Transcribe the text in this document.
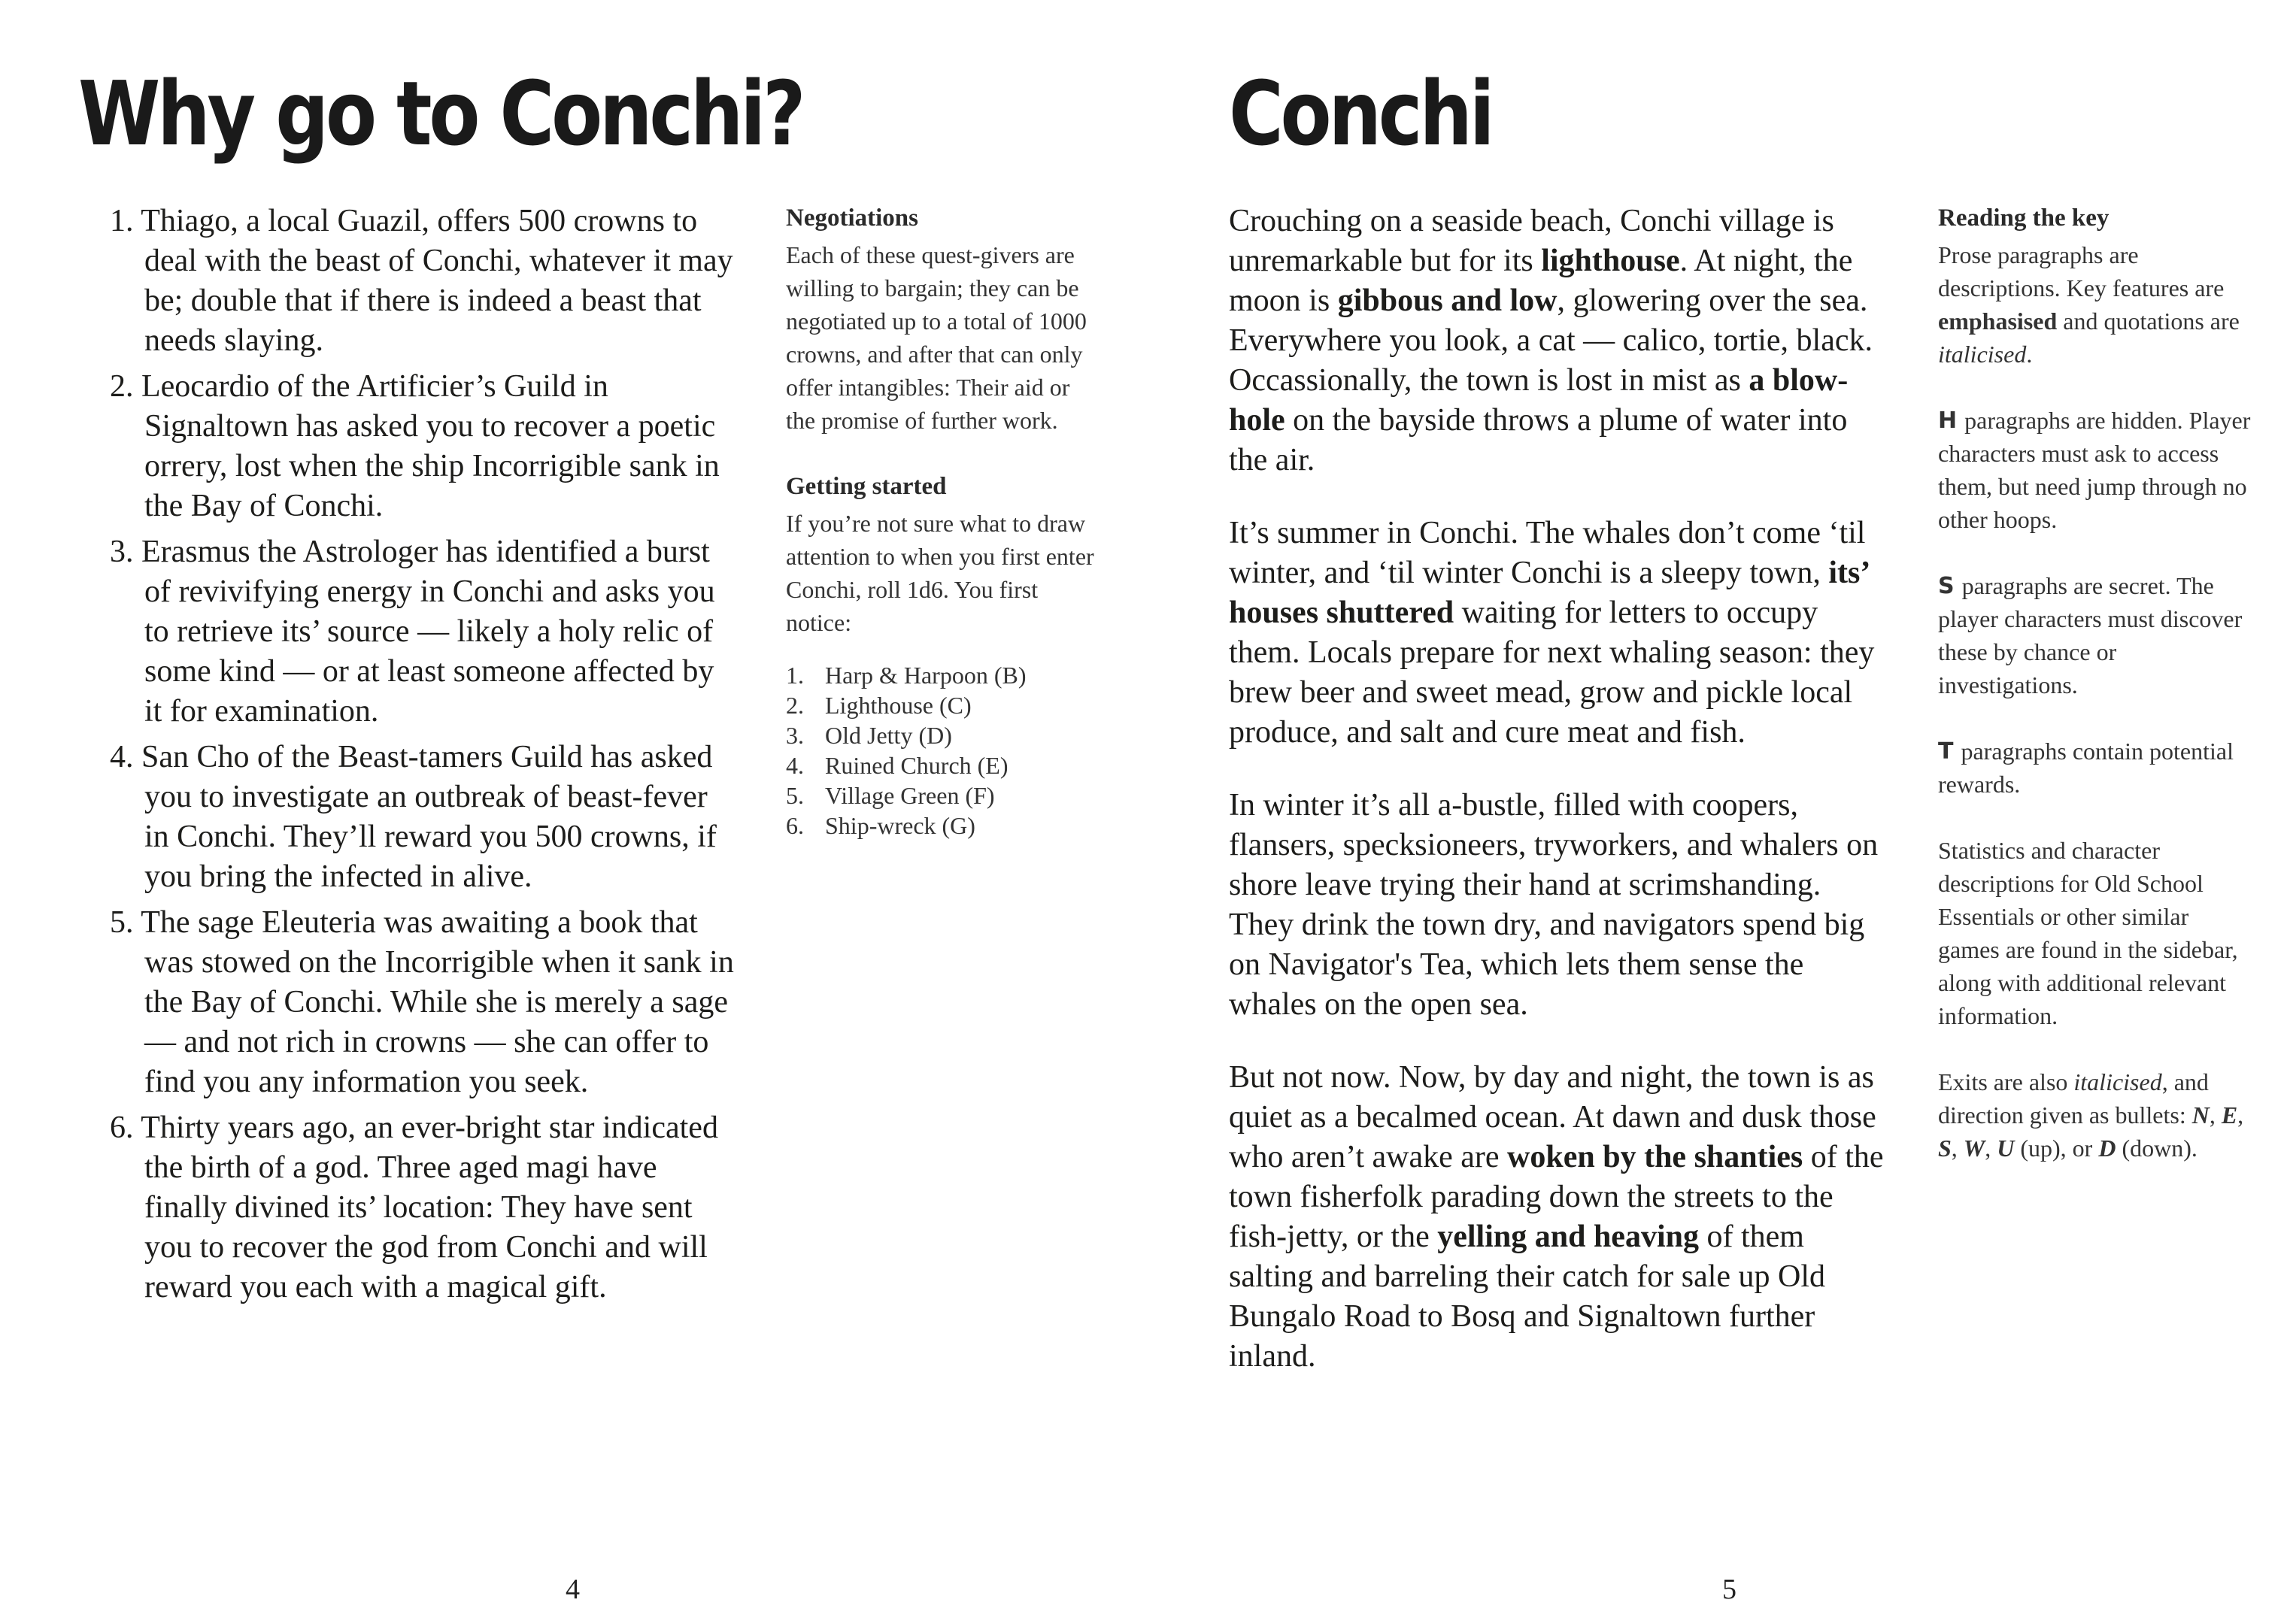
Why go to Conchi?
1. Thiago, a local Guazil, offers 500 crowns to deal with the beast of Conchi, whatever it may be; double that if there is indeed a beast that needs slaying.
2. Leocardio of the Artificier’s Guild in Signaltown has asked you to recover a poetic orrery, lost when the ship Incorrigible sank in the Bay of Conchi.
3. Erasmus the Astrologer has identified a burst of revivifying energy in Conchi and asks you to retrieve its’ source — likely a holy relic of some kind — or at least someone affected by it for examination.
4. San Cho of the Beast-tamers Guild has asked you to investigate an outbreak of beast-fever in Conchi. They’ll reward you 500 crowns, if you bring the infected in alive.
5. The sage Eleuteria was awaiting a book that was stowed on the Incorrigible when it sank in the Bay of Conchi. While she is merely a sage — and not rich in crowns — she can offer to find you any information you seek.
6. Thirty years ago, an ever-bright star indicated the birth of a god. Three aged magi have finally divined its’ location: They have sent you to recover the god from Conchi and will reward you each with a magical gift.
Negotiations

Each of these quest-givers are willing to bargain; they can be negotiated up to a total of 1000 crowns, and after that can only offer intangibles: Their aid or the promise of further work.

Getting started

If you’re not sure what to draw attention to when you first enter Conchi, roll 1d6. You first notice:

1. Harp & Harpoon (B)
2. Lighthouse (C)
3. Old Jetty (D)
4. Ruined Church (E)
5. Village Green (F)
6. Ship-wreck (G)
4
Conchi

Crouching on a seaside beach, Conchi village is unremarkable but for its lighthouse. At night, the moon is gibbous and low, glowering over the sea. Everywhere you look, a cat — calico, tortie, black. Occassionally, the town is lost in mist as a blow-hole on the bayside throws a plume of water into the air.

It’s summer in Conchi. The whales don’t come ‘til winter, and ‘til winter Conchi is a sleepy town, its’ houses shuttered waiting for letters to occupy them. Locals prepare for next whaling season: they brew beer and sweet mead, grow and pickle local produce, and salt and cure meat and fish.

In winter it’s all a-bustle, filled with coopers, flansers, specksioneers, tryworkers, and whalers on shore leave trying their hand at scrimshanding. They drink the town dry, and navigators spend big on Navigator's Tea, which lets them sense the whales on the open sea.

But not now. Now, by day and night, the town is as quiet as a becalmed ocean. At dawn and dusk those who aren’t awake are woken by the shanties of the town fisherfolk parading down the streets to the fish-jetty, or the yelling and heaving of them salting and barreling their catch for sale up Old Bungalo Road to Bosq and Signaltown further inland.

Reading the key

Prose paragraphs are descriptions. Key features are emphasised and quotations are italicised.

H paragraphs are hidden. Player characters must ask to access them, but need jump through no other hoops.

S paragraphs are secret. The player characters must discover these by chance or investigations.

T paragraphs contain potential rewards.

Statistics and character descriptions for Old School Essentials or other similar games are found in the sidebar, along with additional relevant information.

Exits are also italicised, and direction given as bullets: N, E, S, W, U (up), or D (down).

5
